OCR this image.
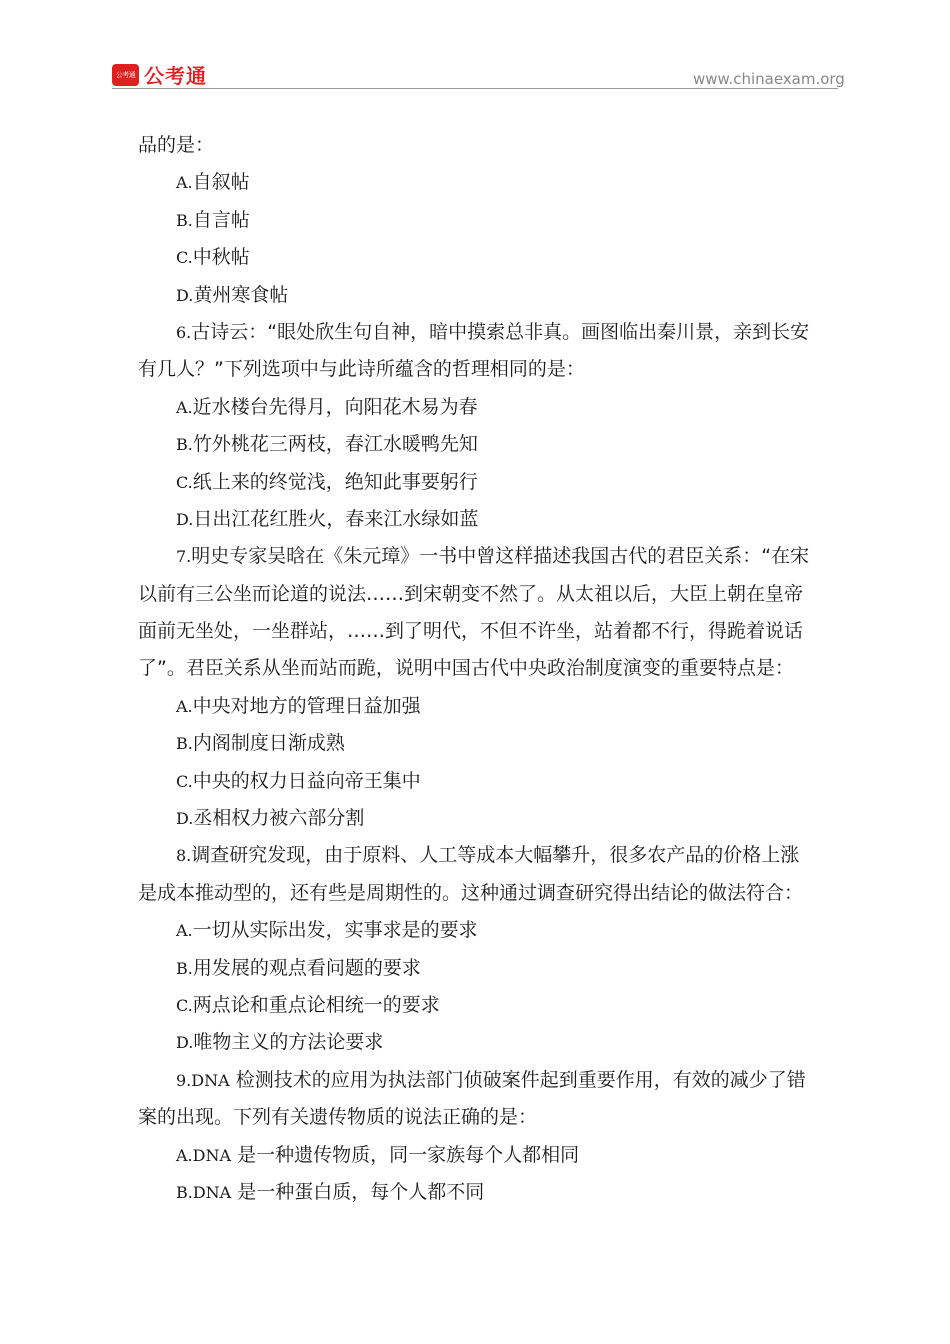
公考通 公考通	www.chinaexam.org
品的是：
A.自叙帖
B.自言帖
C.中秋帖
D.黄州寒食帖
6.古诗云：“眼处欣生句自神，暗中摸索总非真。画图临出秦川景，亲到长安
有几人？”下列选项中与此诗所蕴含的哲理相同的是：
A.近水楼台先得月，向阳花木易为春
B.竹外桃花三两枝，春江水暖鸭先知
C.纸上来的终觉浅，绝知此事要躬行
D.日出江花红胜火，春来江水绿如蓝
7.明史专家吴晗在《朱元璋》一书中曾这样描述我国古代的君臣关系：“在宋
以前有三公坐而论道的说法……到宋朝变不然了。从太祖以后，大臣上朝在皇帝
面前无坐处，一坐群站，……到了明代，不但不许坐，站着都不行，得跪着说话
了”。君臣关系从坐而站而跪，说明中国古代中央政治制度演变的重要特点是：
A.中央对地方的管理日益加强
B.内阁制度日渐成熟
C.中央的权力日益向帝王集中
D.丞相权力被六部分割
8.调查研究发现，由于原料、人工等成本大幅攀升，很多农产品的价格上涨
是成本推动型的，还有些是周期性的。这种通过调查研究得出结论的做法符合：
A.一切从实际出发，实事求是的要求
B.用发展的观点看问题的要求
C.两点论和重点论相统一的要求
D.唯物主义的方法论要求
9.DNA 检测技术的应用为执法部门侦破案件起到重要作用，有效的减少了错
案的出现。下列有关遗传物质的说法正确的是：
A.DNA 是一种遗传物质，同一家族每个人都相同
B.DNA 是一种蛋白质，每个人都不同
